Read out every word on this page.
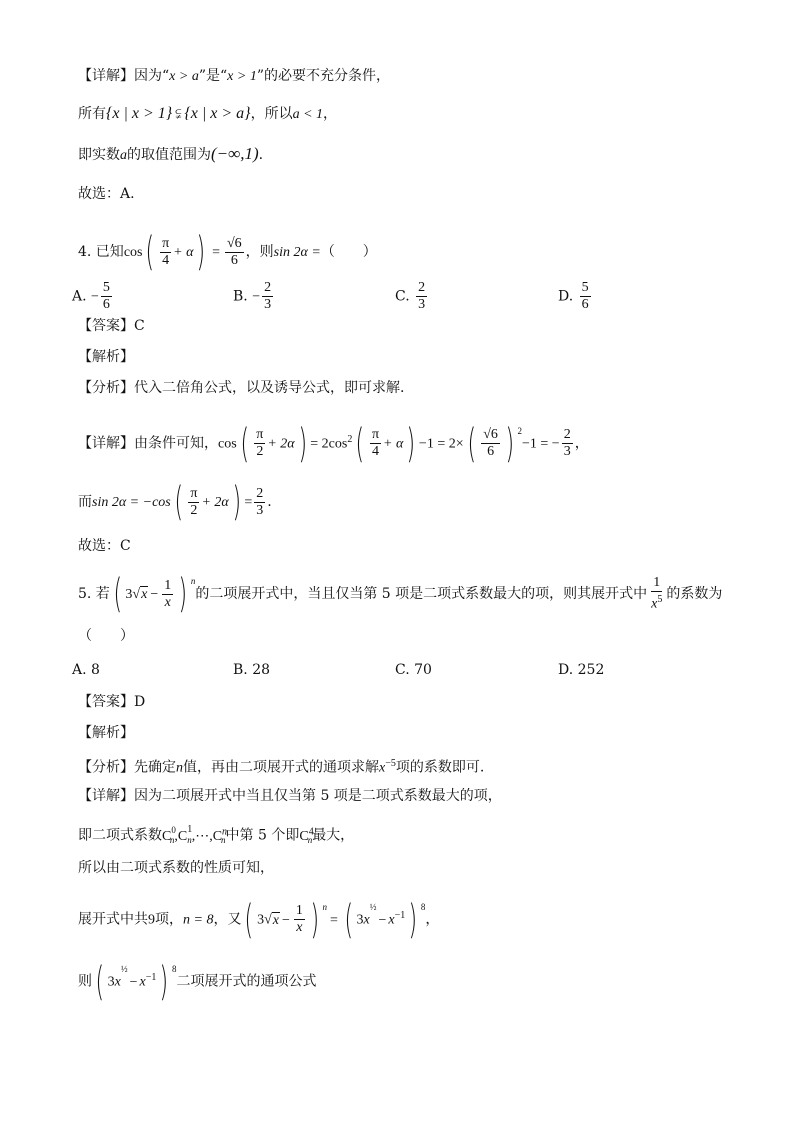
【详解】因为“x > a”是“x > 1”的必要不充分条件，
所有{x | x > 1} ⫋ {x | x > a}，所以a < 1，
即实数a的取值范围为(−∞,1).
故选：A.
4. 已知$\cos( \frac{\pi}{4} + \alpha) = \frac{√6}{6}$ ，则sin 2α =（　　）
A. − $\frac{5}{6}$	B. − $\frac{2}{3}$	C. $\frac{2}{3}$	D. $\frac{5}{6}$
【答案】C
【解析】
【分析】代入二倍角公式，以及诱导公式，即可求解.
【详解】由条件可知，$\cos( \frac{\pi}{2} + 2\alpha) = 2\cos^2( \frac{\pi}{4} + \alpha) -1 = 2\times( \frac{√6}{6}$ ) $^2$−1 = − $\frac{2}{3}$ ，
而$\sin 2\alpha = -\cos( \frac{\pi}{2} + 2\alpha) = \frac{2}{3}$ .
故选：C
5. 若( $3√x - \frac{1}{x}$ ) $^n$的二项展开式中，当且仅当第 5 项是二项式系数最大的项，则其展开式中 $\frac{1}{x^5}$ 的系数为
（　　）
A. 8	B. 28	C. 70	D. 252
【答案】D
【解析】
【分析】先确定n值，再由二项展开式的通项求解$x^{-5}$项的系数即可.
【详解】因为二项展开式中当且仅当第 5 项是二项式系数最大的项，
即二项式系数$C_{0n},C^1_n,\cdots,C^n_n$中第 5 个即$C^4_n$最大，
所以由二项式系数的性质可知，
展开式中共9项，n = 8，又( $3√x - \frac{1}{x}$ ) $^n$= ( $3x^{\frac{1}{2}}- x^{-1}$) $^8$，
则( $3x^{\frac{1}{2}}- x^{-1}$) $^8$二项展开式的通项公式
